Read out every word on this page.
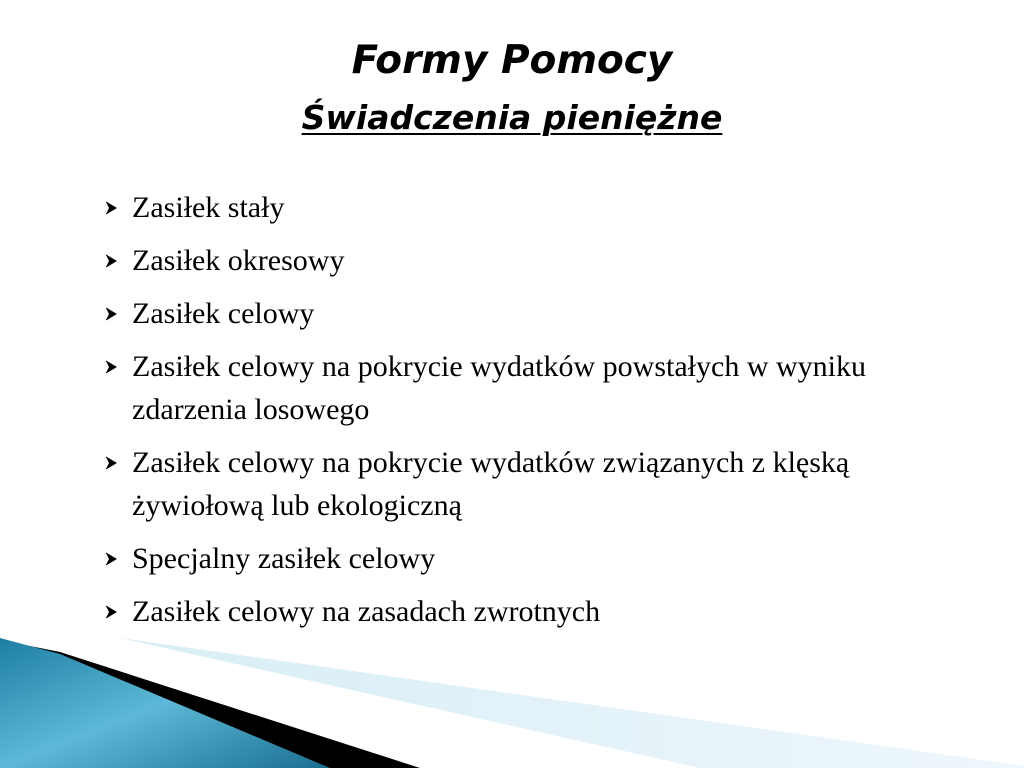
Formy Pomocy
Świadczenia pieniężne
Zasiłek stały
Zasiłek okresowy
Zasiłek celowy
Zasiłek celowy na pokrycie wydatków powstałych w wyniku zdarzenia losowego
Zasiłek celowy na pokrycie wydatków związanych z klęską żywiołową lub ekologiczną
Specjalny zasiłek celowy
Zasiłek celowy na zasadach zwrotnych
